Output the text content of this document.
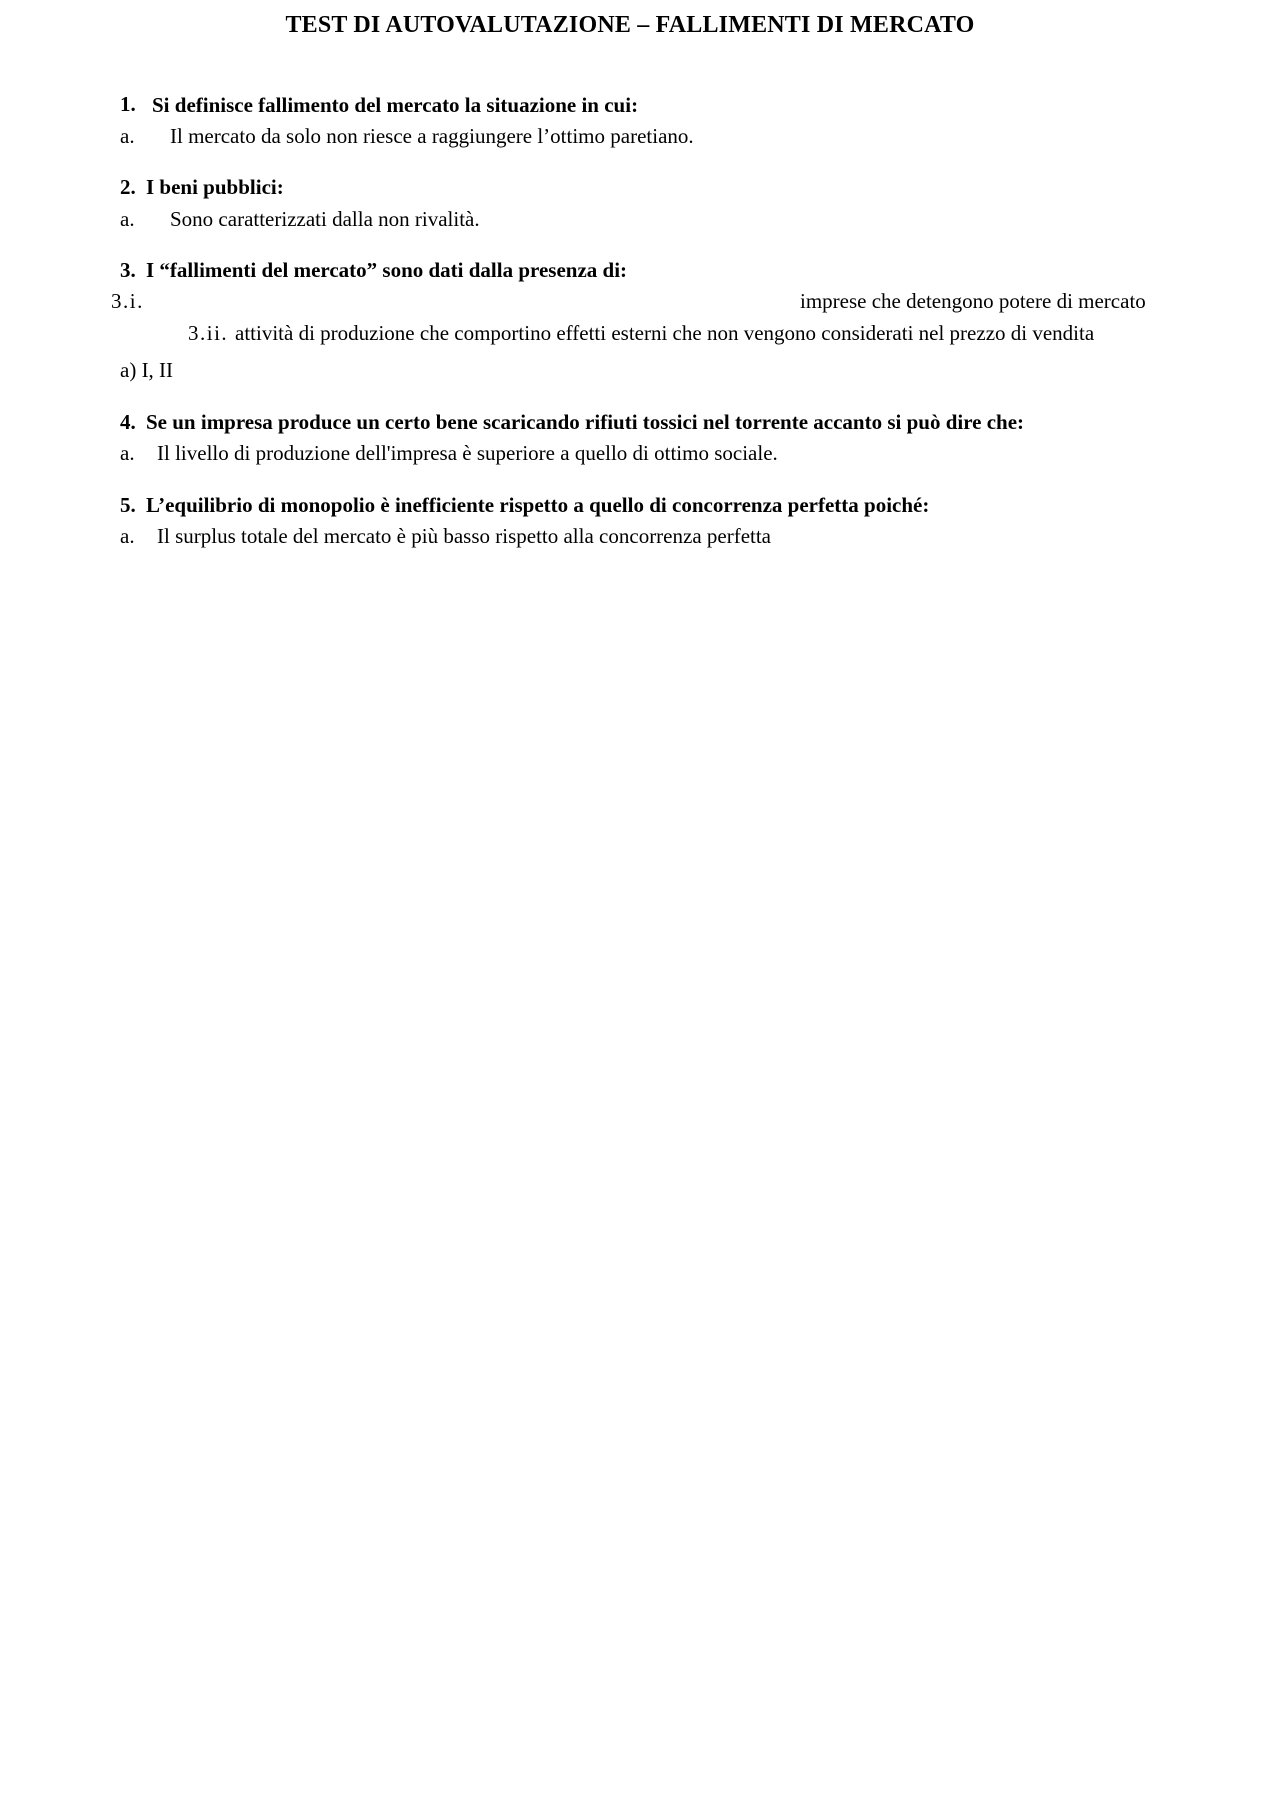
TEST DI AUTOVALUTAZIONE – FALLIMENTI DI MERCATO
1. Si definisce fallimento del mercato la situazione in cui:
a. Il mercato da solo non riesce a raggiungere l’ottimo paretiano.
2. I beni pubblici:
a. Sono caratterizzati dalla non rivalità.
3. I “fallimenti del mercato” sono dati dalla presenza di:
3.i.	imprese che detengono potere di mercato
3.ii. attività di produzione che comportino effetti esterni che non vengono considerati nel prezzo di vendita
a) I, II
4. Se un impresa produce un certo bene scaricando rifiuti tossici nel torrente accanto si può dire che:
a. Il livello di produzione dell'impresa è superiore a quello di ottimo sociale.
5. L’equilibrio di monopolio è inefficiente rispetto a quello di concorrenza perfetta poiché:
a. Il surplus totale del mercato è più basso rispetto alla concorrenza perfetta
